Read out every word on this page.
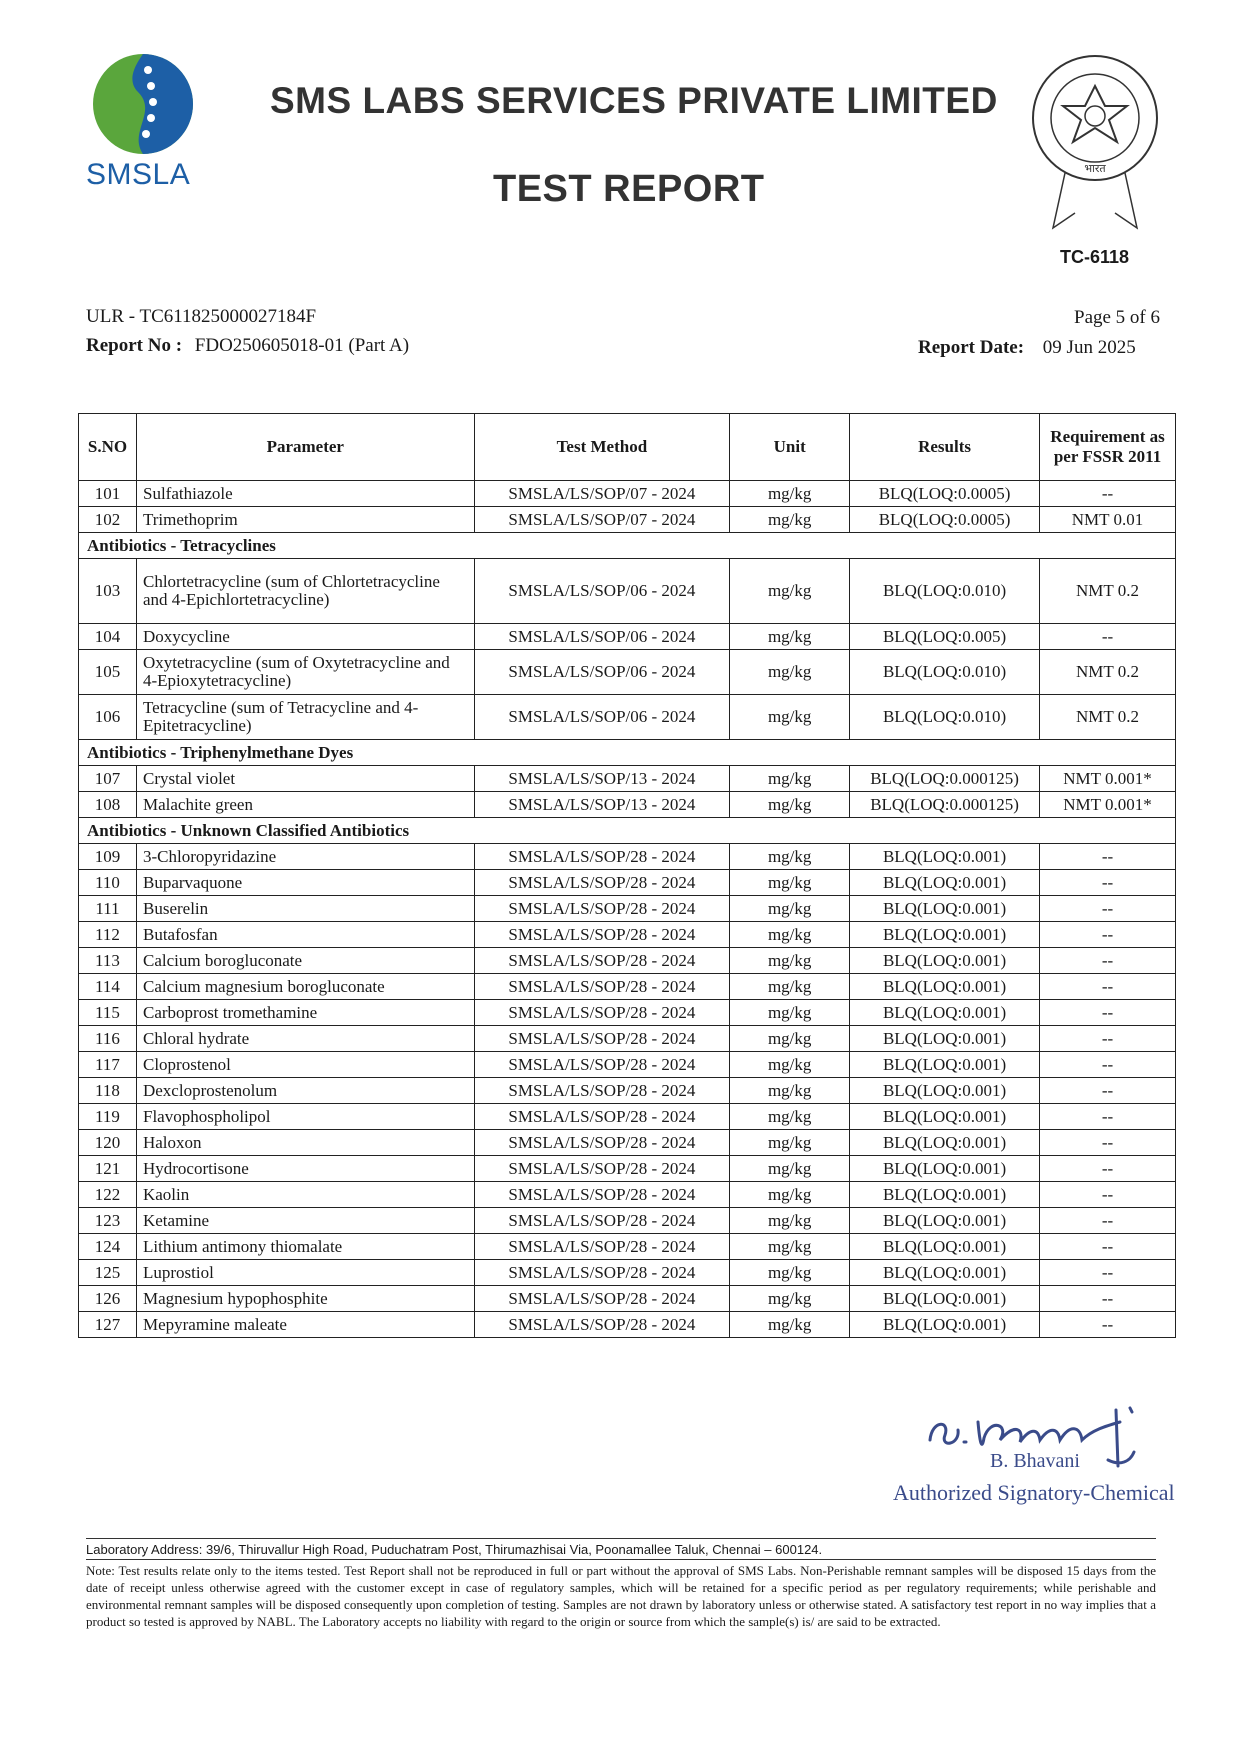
SMSLA
SMS LABS SERVICES PRIVATE LIMITED
TEST REPORT	भारत
TC-6118
ULR - TC611825000027184F
Report No : FDO250605018-01 (Part A)
Page 5 of 6
Report Date: 09 Jun 2025
S.NO	Parameter	Test Method	Unit	Results	Requirement as per FSSR 2011
101	Sulfathiazole	SMSLA/LS/SOP/07 - 2024	mg/kg	BLQ(LOQ:0.0005)	--
102	Trimethoprim	SMSLA/LS/SOP/07 - 2024	mg/kg	BLQ(LOQ:0.0005)	NMT 0.01
Antibiotics - Tetracyclines					
103	Chlortetracycline (sum of Chlortetracycline and 4-Epichlortetracycline)	SMSLA/LS/SOP/06 - 2024	mg/kg	BLQ(LOQ:0.010)	NMT 0.2
104	Doxycycline	SMSLA/LS/SOP/06 - 2024	mg/kg	BLQ(LOQ:0.005)	--
105	Oxytetracycline (sum of Oxytetracycline and 4-Epioxytetracycline)	SMSLA/LS/SOP/06 - 2024	mg/kg	BLQ(LOQ:0.010)	NMT 0.2
106	Tetracycline (sum of Tetracycline and 4-Epitetracycline)	SMSLA/LS/SOP/06 - 2024	mg/kg	BLQ(LOQ:0.010)	NMT 0.2
Antibiotics - Triphenylmethane Dyes					
107	Crystal violet	SMSLA/LS/SOP/13 - 2024	mg/kg	BLQ(LOQ:0.000125)	NMT 0.001*
108	Malachite green	SMSLA/LS/SOP/13 - 2024	mg/kg	BLQ(LOQ:0.000125)	NMT 0.001*
Antibiotics - Unknown Classified Antibiotics					
109	3-Chloropyridazine	SMSLA/LS/SOP/28 - 2024	mg/kg	BLQ(LOQ:0.001)	--
110	Buparvaquone	SMSLA/LS/SOP/28 - 2024	mg/kg	BLQ(LOQ:0.001)	--
111	Buserelin	SMSLA/LS/SOP/28 - 2024	mg/kg	BLQ(LOQ:0.001)	--
112	Butafosfan	SMSLA/LS/SOP/28 - 2024	mg/kg	BLQ(LOQ:0.001)	--
113	Calcium borogluconate	SMSLA/LS/SOP/28 - 2024	mg/kg	BLQ(LOQ:0.001)	--
114	Calcium magnesium borogluconate	SMSLA/LS/SOP/28 - 2024	mg/kg	BLQ(LOQ:0.001)	--
115	Carboprost tromethamine	SMSLA/LS/SOP/28 - 2024	mg/kg	BLQ(LOQ:0.001)	--
116	Chloral hydrate	SMSLA/LS/SOP/28 - 2024	mg/kg	BLQ(LOQ:0.001)	--
117	Cloprostenol	SMSLA/LS/SOP/28 - 2024	mg/kg	BLQ(LOQ:0.001)	--
118	Dexcloprostenolum	SMSLA/LS/SOP/28 - 2024	mg/kg	BLQ(LOQ:0.001)	--
119	Flavophospholipol	SMSLA/LS/SOP/28 - 2024	mg/kg	BLQ(LOQ:0.001)	--
120	Haloxon	SMSLA/LS/SOP/28 - 2024	mg/kg	BLQ(LOQ:0.001)	--
121	Hydrocortisone	SMSLA/LS/SOP/28 - 2024	mg/kg	BLQ(LOQ:0.001)	--
122	Kaolin	SMSLA/LS/SOP/28 - 2024	mg/kg	BLQ(LOQ:0.001)	--
123	Ketamine	SMSLA/LS/SOP/28 - 2024	mg/kg	BLQ(LOQ:0.001)	--
124	Lithium antimony thiomalate	SMSLA/LS/SOP/28 - 2024	mg/kg	BLQ(LOQ:0.001)	--
125	Luprostiol	SMSLA/LS/SOP/28 - 2024	mg/kg	BLQ(LOQ:0.001)	--
126	Magnesium hypophosphite	SMSLA/LS/SOP/28 - 2024	mg/kg	BLQ(LOQ:0.001)	--
127	Mepyramine maleate	SMSLA/LS/SOP/28 - 2024	mg/kg	BLQ(LOQ:0.001)	--
B. Bhavani
Authorized Signatory-Chemical
Laboratory Address: 39/6, Thiruvallur High Road, Puduchatram Post, Thirumazhisai Via, Poonamallee Taluk, Chennai – 600124.
Note: Test results relate only to the items tested. Test Report shall not be reproduced in full or part without the approval of SMS Labs. Non-Perishable remnant samples will be disposed 15 days from the date of receipt unless otherwise agreed with the customer except in case of regulatory samples, which will be retained for a specific period as per regulatory requirements; while perishable and environmental remnant samples will be disposed consequently upon completion of testing. Samples are not drawn by laboratory unless or otherwise stated. A satisfactory test report in no way implies that a product so tested is approved by NABL. The Laboratory accepts no liability with regard to the origin or source from which the sample(s) is/ are said to be extracted.
